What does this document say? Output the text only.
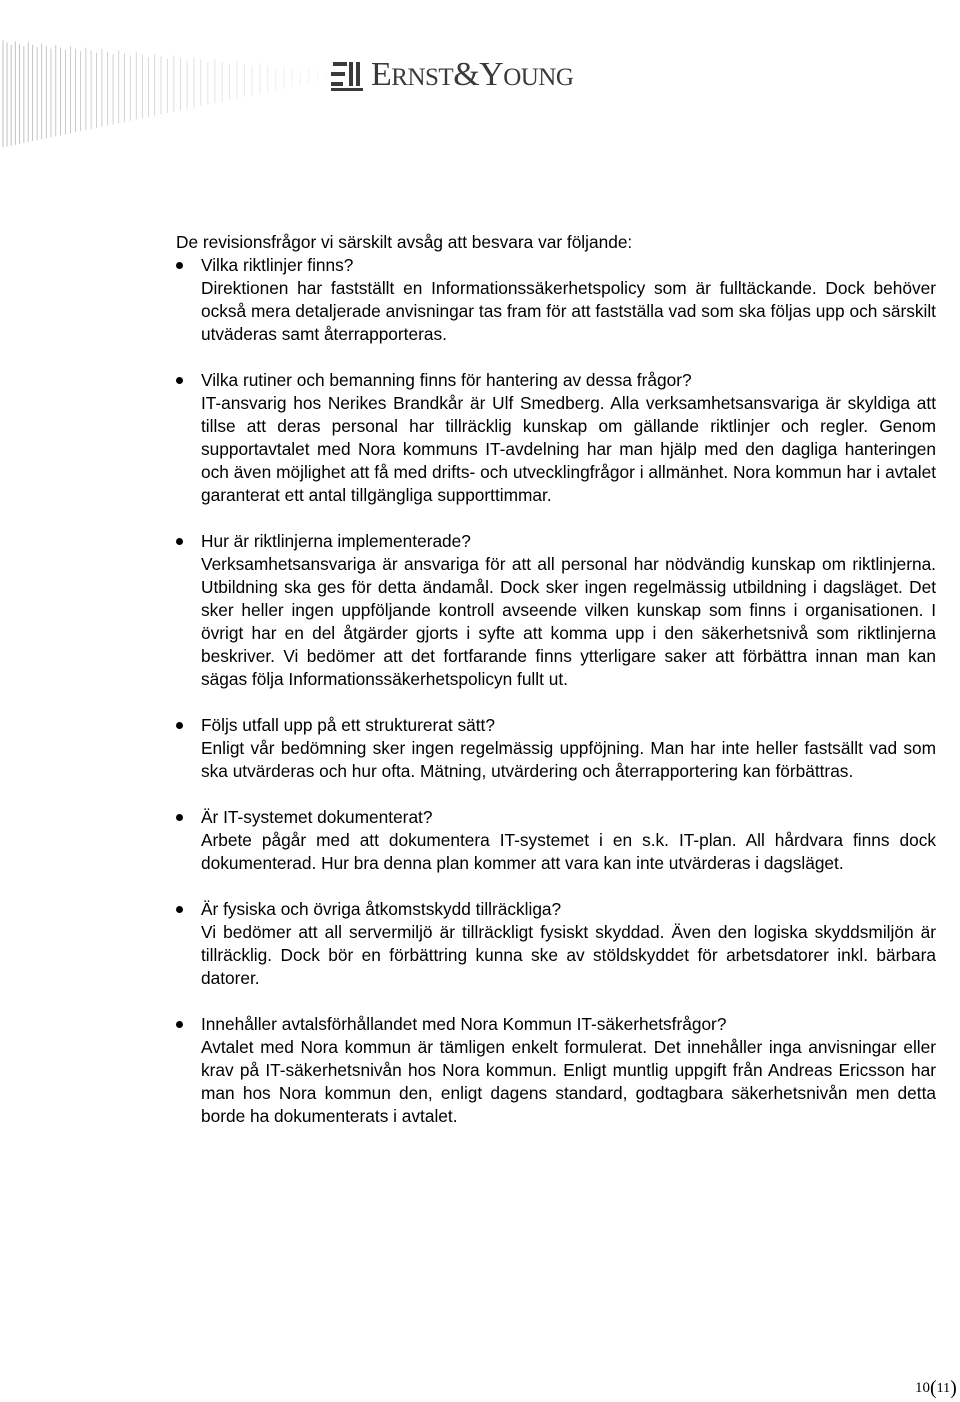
ERNST&YOUNG

De revisionsfrågor vi särskilt avsåg att besvara var följande:

Vilka riktlinjer finns?
Direktionen har fastställt en Informationssäkerhetspolicy som är fulltäckande. Dock behöver också mera detaljerade anvisningar tas fram för att fastställa vad som ska följas upp och särskilt utväderas samt återrapporteras.
Vilka rutiner och bemanning finns för hantering av dessa frågor?
IT-ansvarig hos Nerikes Brandkår är Ulf Smedberg. Alla verksamhetsansvariga är skyldiga att tillse att deras personal har tillräcklig kunskap om gällande riktlinjer och regler. Genom supportavtalet med Nora kommuns IT-avdelning har man hjälp med den dagliga hanteringen och även möjlighet att få med drifts- och utvecklingfrågor i allmänhet. Nora kommun har i avtalet garanterat ett antal tillgängliga supporttimmar.
Hur är riktlinjerna implementerade?
Verksamhetsansvariga är ansvariga för att all personal har nödvändig kunskap om riktlinjerna. Utbildning ska ges för detta ändamål. Dock sker ingen regelmässig utbildning i dagsläget. Det sker heller ingen uppföljande kontroll avseende vilken kunskap som finns i organisationen. I övrigt har en del åtgärder gjorts i syfte att komma upp i den säkerhetsnivå som riktlinjerna beskriver. Vi bedömer att det fortfarande finns ytterligare saker att förbättra innan man kan sägas följa Informationssäkerhetspolicyn fullt ut.
Följs utfall upp på ett strukturerat sätt?
Enligt vår bedömning sker ingen regelmässig uppföjning. Man har inte heller fastsällt vad som ska utvärderas och hur ofta. Mätning, utvärdering och återrapportering kan förbättras.
Är IT-systemet dokumenterat?
Arbete pågår med att dokumentera IT-systemet i en s.k. IT-plan. All hårdvara finns dock dokumenterad. Hur bra denna plan kommer att vara kan inte utvärderas i dagsläget.
Är fysiska och övriga åtkomstskydd tillräckliga?
Vi bedömer att all servermiljö är tillräckligt fysiskt skyddad. Även den logiska skyddsmiljön är tillräcklig. Dock bör en förbättring kunna ske av stöldskyddet för arbetsdatorer inkl. bärbara datorer.
Innehåller avtalsförhållandet med Nora Kommun IT-säkerhetsfrågor?
Avtalet med Nora kommun är tämligen enkelt formulerat. Det innehåller inga anvisningar eller krav på IT-säkerhetsnivån hos Nora kommun. Enligt muntlig uppgift från Andreas Ericsson har man hos Nora kommun den, enligt dagens standard, godtagbara säkerhetsnivån men detta borde ha dokumenterats i avtalet.
10(11)
